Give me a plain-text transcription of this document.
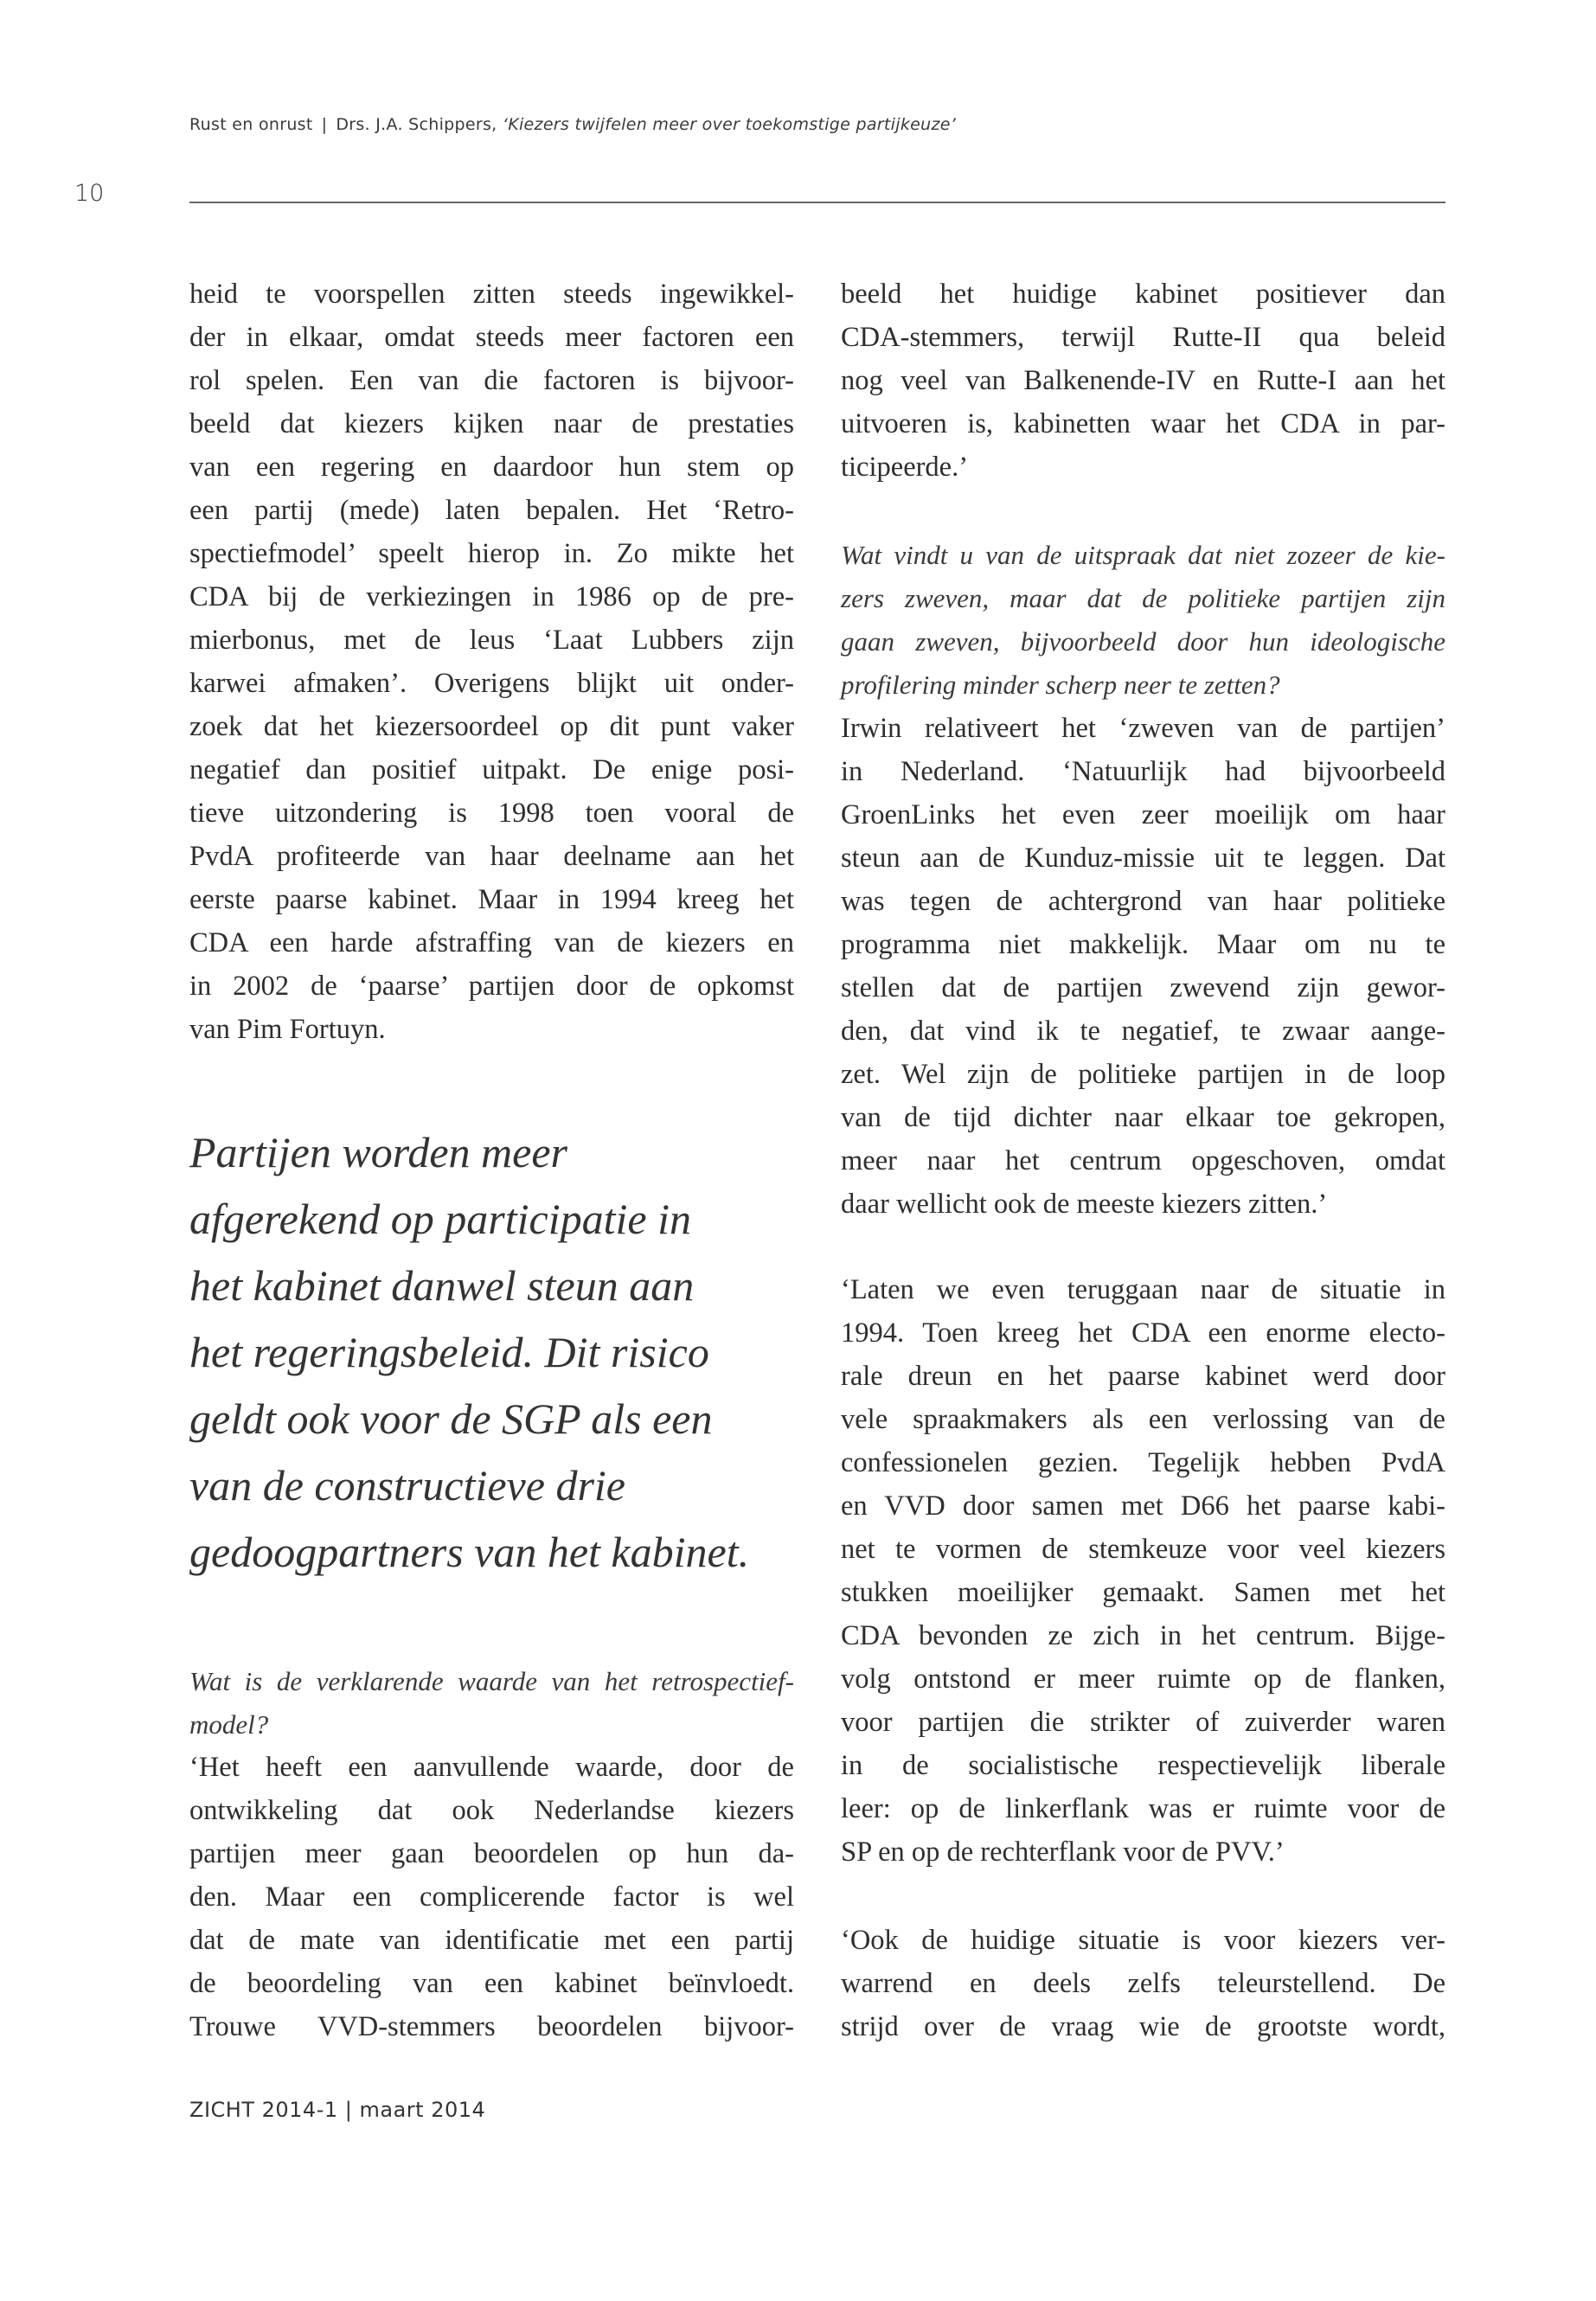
Rust en onrust | Drs. J.A. Schippers, ‘Kiezers twijfelen meer over toekomstige partijkeuze’
10
heid te voorspellen zitten steeds ingewikkel-
der in elkaar, omdat steeds meer factoren een
rol spelen. Een van die factoren is bijvoor-
beeld dat kiezers kijken naar de prestaties
van een regering en daardoor hun stem op
een partij (mede) laten bepalen. Het ‘Retro-
spectiefmodel’ speelt hierop in. Zo mikte het
CDA bij de verkiezingen in 1986 op de pre-
mierbonus, met de leus ‘Laat Lubbers zijn
karwei afmaken’. Overigens blijkt uit onder-
zoek dat het kiezersoordeel op dit punt vaker
negatief dan positief uitpakt. De enige posi-
tieve uitzondering is 1998 toen vooral de
PvdA profiteerde van haar deelname aan het
eerste paarse kabinet. Maar in 1994 kreeg het
CDA een harde afstraffing van de kiezers en
in 2002 de ‘paarse’ partijen door de opkomst
van Pim Fortuyn.
Partijen worden meer
afgerekend op participatie in
het kabinet danwel steun aan
het regeringsbeleid. Dit risico
geldt ook voor de SGP als een
van de constructieve drie
gedoogpartners van het kabinet.
Wat is de verklarende waarde van het retrospectief-
model?
‘Het heeft een aanvullende waarde, door de
ontwikkeling dat ook Nederlandse kiezers
partijen meer gaan beoordelen op hun da-
den. Maar een complicerende factor is wel
dat de mate van identificatie met een partij
de beoordeling van een kabinet beïnvloedt.
Trouwe VVD-stemmers beoordelen bijvoor-
beeld het huidige kabinet positiever dan
CDA-stemmers, terwijl Rutte-II qua beleid
nog veel van Balkenende-IV en Rutte-I aan het
uitvoeren is, kabinetten waar het CDA in par-
ticipeerde.’
Wat vindt u van de uitspraak dat niet zozeer de kie-
zers zweven, maar dat de politieke partijen zijn
gaan zweven, bijvoorbeeld door hun ideologische
profilering minder scherp neer te zetten?
Irwin relativeert het ‘zweven van de partijen’
in Nederland. ‘Natuurlijk had bijvoorbeeld
GroenLinks het even zeer moeilijk om haar
steun aan de Kunduz-missie uit te leggen. Dat
was tegen de achtergrond van haar politieke
programma niet makkelijk. Maar om nu te
stellen dat de partijen zwevend zijn gewor-
den, dat vind ik te negatief, te zwaar aange-
zet. Wel zijn de politieke partijen in de loop
van de tijd dichter naar elkaar toe gekropen,
meer naar het centrum opgeschoven, omdat
daar wellicht ook de meeste kiezers zitten.’
‘Laten we even teruggaan naar de situatie in
1994. Toen kreeg het CDA een enorme electo-
rale dreun en het paarse kabinet werd door
vele spraakmakers als een verlossing van de
confessionelen gezien. Tegelijk hebben PvdA
en VVD door samen met D66 het paarse kabi-
net te vormen de stemkeuze voor veel kiezers
stukken moeilijker gemaakt. Samen met het
CDA bevonden ze zich in het centrum. Bijge-
volg ontstond er meer ruimte op de flanken,
voor partijen die strikter of zuiverder waren
in de socialistische respectievelijk liberale
leer: op de linkerflank was er ruimte voor de
SP en op de rechterflank voor de PVV.’
‘Ook de huidige situatie is voor kiezers ver-
warrend en deels zelfs teleurstellend. De
strijd over de vraag wie de grootste wordt,
ZICHT 2014-1 | maart 2014
